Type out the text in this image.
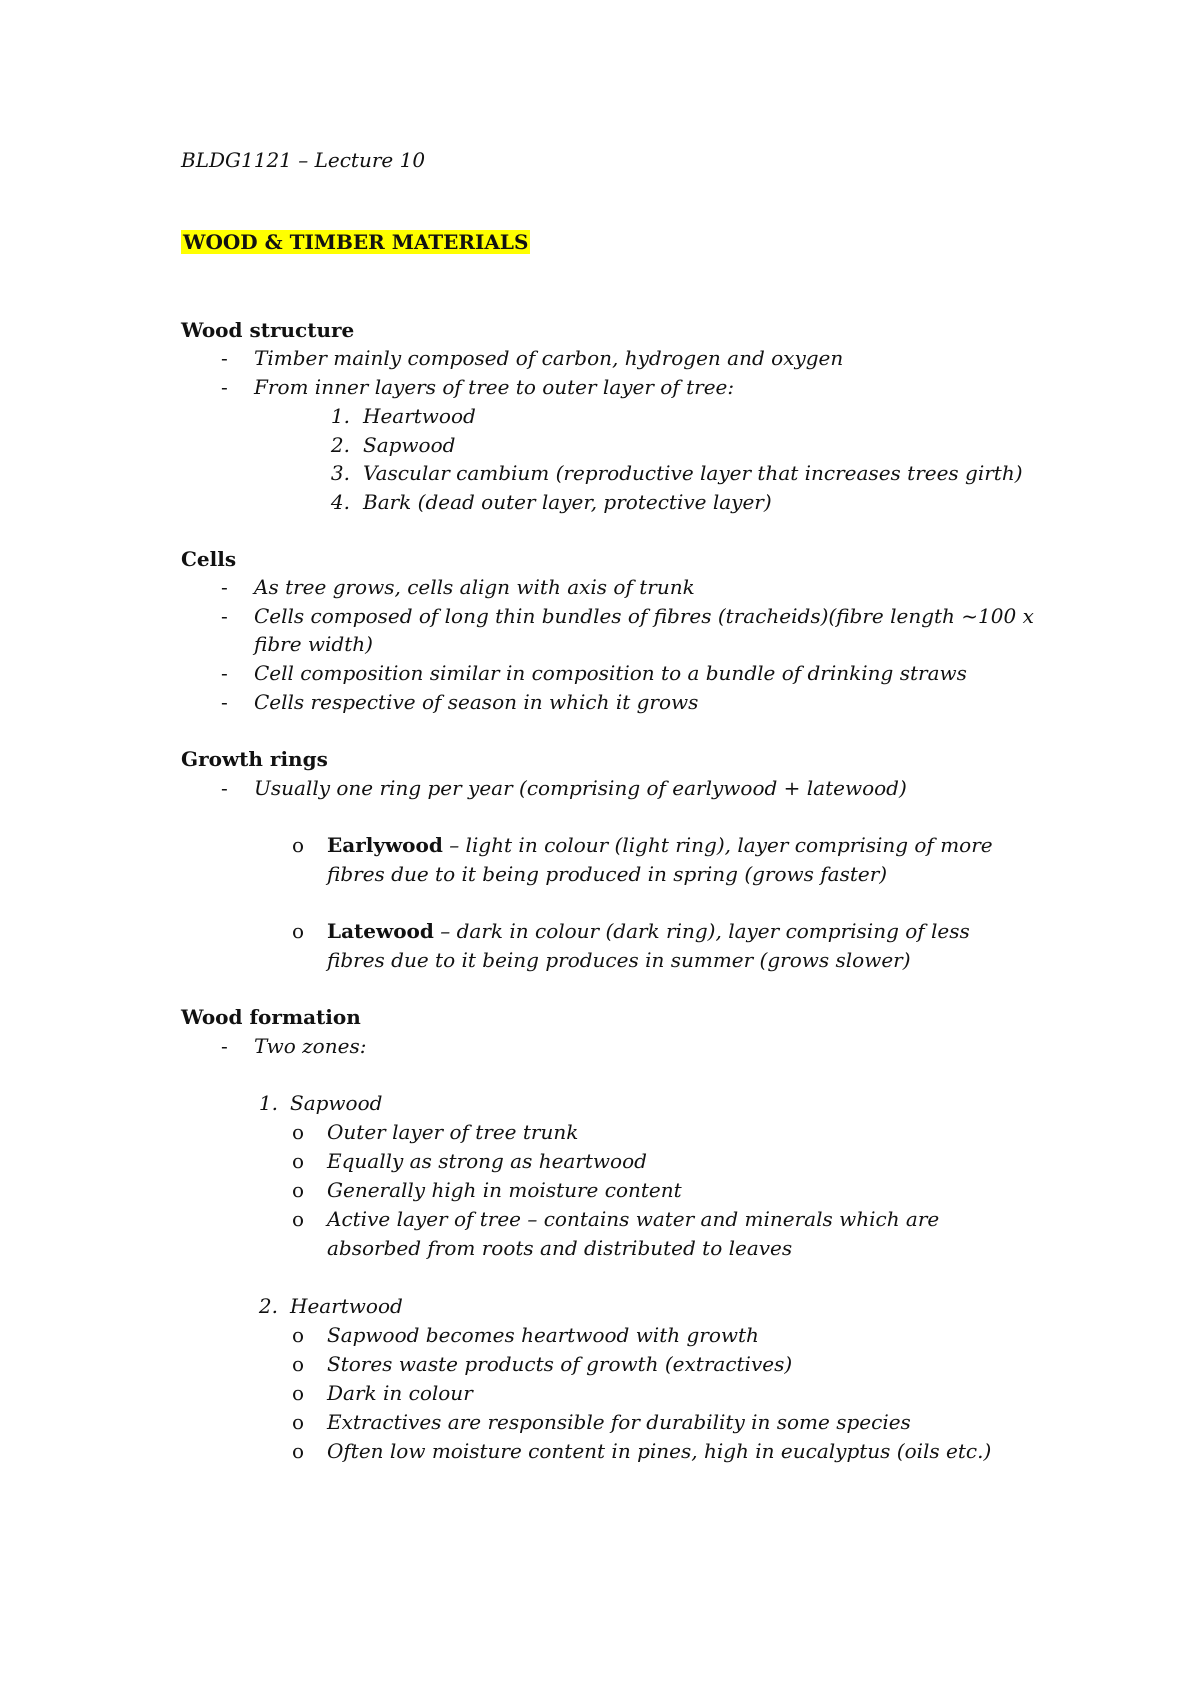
BLDG1121 – Lecture 10
WOOD & TIMBER MATERIALS
Wood structure
- Timber mainly composed of carbon, hydrogen and oxygen
- From inner layers of tree to outer layer of tree:
1. Heartwood
2. Sapwood
3. Vascular cambium (reproductive layer that increases trees girth)
4. Bark (dead outer layer, protective layer)
Cells
- As tree grows, cells align with axis of trunk
- Cells composed of long thin bundles of fibres (tracheids)(fibre length ~100 x
fibre width)
- Cell composition similar in composition to a bundle of drinking straws
- Cells respective of season in which it grows
Growth rings
- Usually one ring per year (comprising of earlywood + latewood)
o Earlywood – light in colour (light ring), layer comprising of more
fibres due to it being produced in spring (grows faster)
o Latewood – dark in colour (dark ring), layer comprising of less
fibres due to it being produces in summer (grows slower)
Wood formation
- Two zones:
1. Sapwood
o Outer layer of tree trunk
o Equally as strong as heartwood
o Generally high in moisture content
o Active layer of tree – contains water and minerals which are
absorbed from roots and distributed to leaves
2. Heartwood
o Sapwood becomes heartwood with growth
o Stores waste products of growth (extractives)
o Dark in colour
o Extractives are responsible for durability in some species
o Often low moisture content in pines, high in eucalyptus (oils etc.)
